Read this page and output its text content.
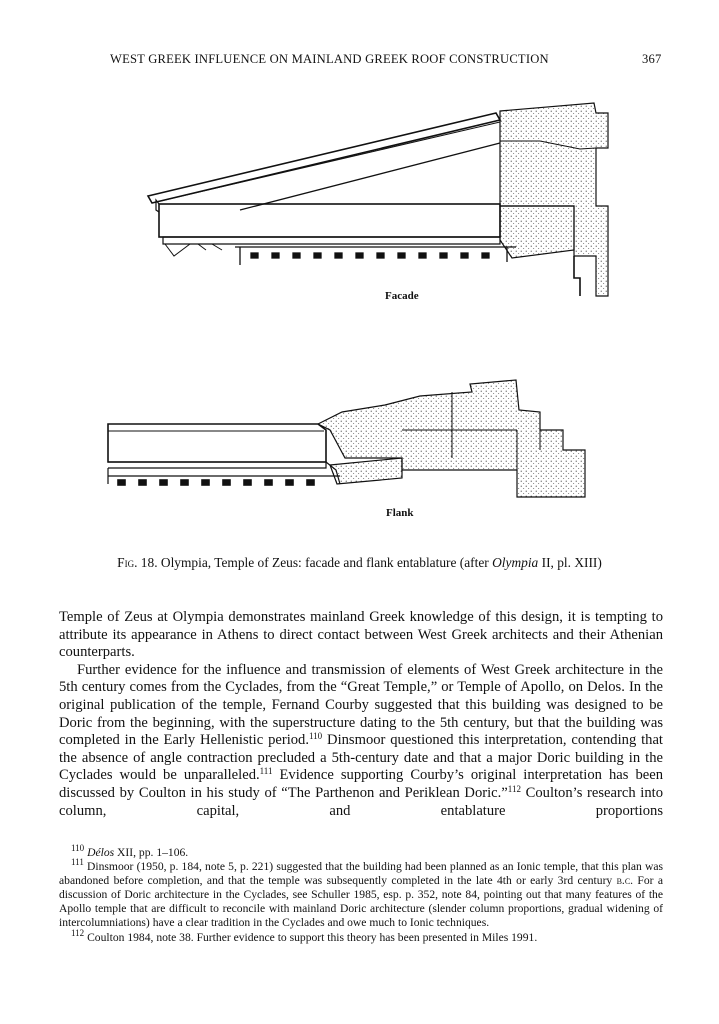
WEST GREEK INFLUENCE ON MAINLAND GREEK ROOF CONSTRUCTION	367
Facade
Flank
Fig. 18. Olympia, Temple of Zeus: facade and flank entablature (after Olympia II, pl. XIII)

Temple of Zeus at Olympia demonstrates mainland Greek knowledge of this design, it is tempting to attribute its appearance in Athens to direct contact between West Greek architects and their Athenian counterparts.

Further evidence for the influence and transmission of elements of West Greek architecture in the 5th century comes from the Cyclades, from the “Great Temple,” or Temple of Apollo, on Delos. In the original publication of the temple, Fernand Courby suggested that this building was designed to be Doric from the beginning, with the superstructure dating to the 5th century, but that the building was completed in the Early Hellenistic period.$^{110}$ Dinsmoor questioned this interpretation, contending that the absence of angle contraction precluded a 5th-century date and that a major Doric building in the Cyclades would be unparalleled.$^{111}$ Evidence supporting Courby’s original interpretation has been discussed by Coulton in his study of “The Parthenon and Periklean Doric.”$^{112}$ Coulton’s research into column, capital, and entablature proportions

$^{110}$ Délos XII, pp. 1–106.

$^{111}$ Dinsmoor (1950, p. 184, note 5, p. 221) suggested that the building had been planned as an Ionic temple, that this plan was abandoned before completion, and that the temple was subsequently completed in the late 4th or early 3rd century b.c. For a discussion of Doric architecture in the Cyclades, see Schuller 1985, esp. p. 352, note 84, pointing out that many features of the Apollo temple that are difficult to reconcile with mainland Doric architecture (slender column proportions, gradual widening of intercolumniations) have a clear tradition in the Cyclades and owe much to Ionic techniques.

$^{112}$ Coulton 1984, note 38. Further evidence to support this theory has been presented in Miles 1991.
